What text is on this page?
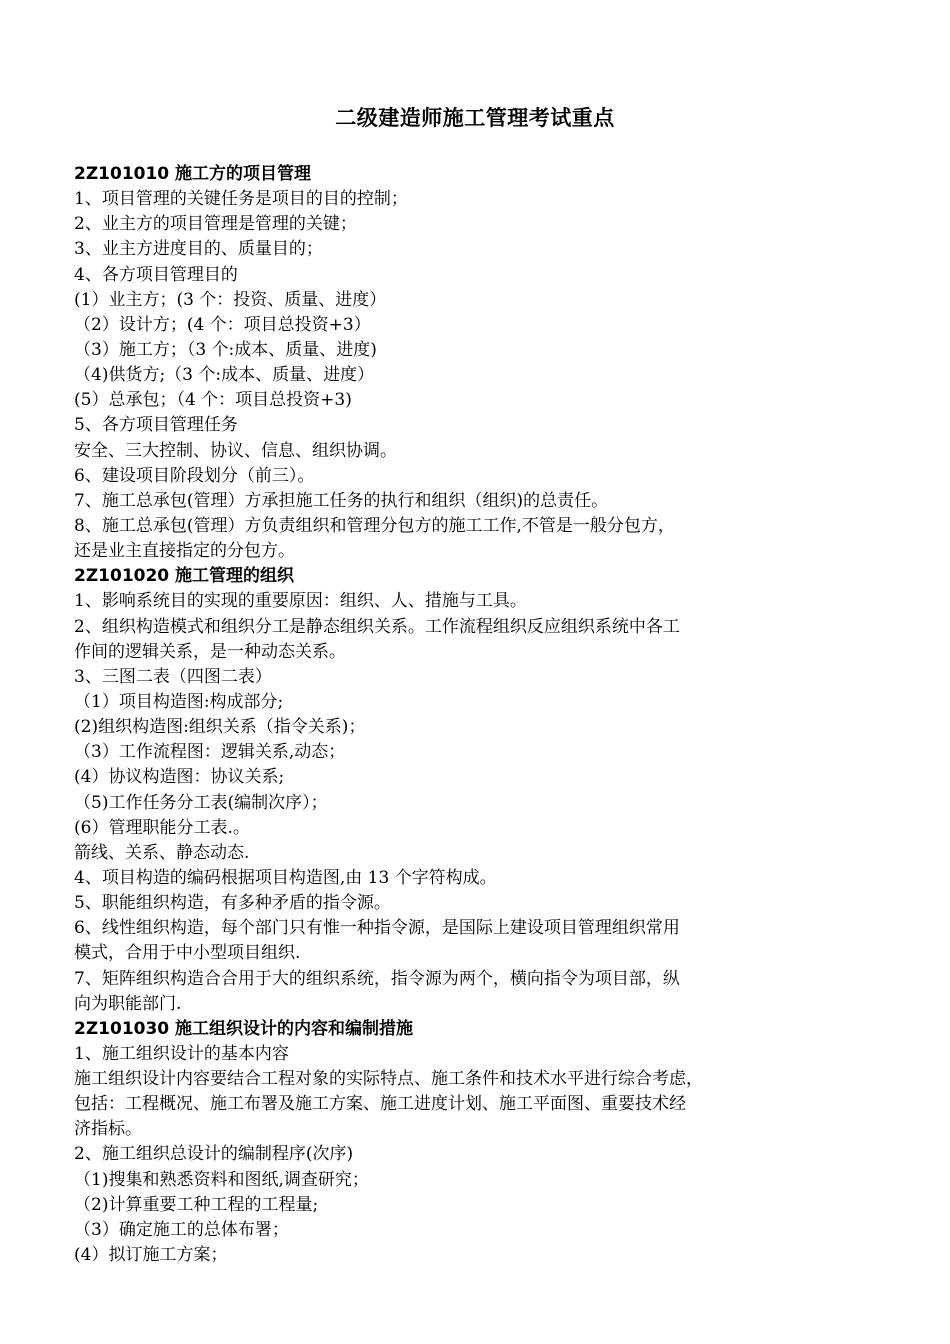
二级建造师施工管理考试重点
2Z101010 施工方的项目管理
1、项目管理的关键任务是项目的目的控制；
2、业主方的项目管理是管理的关键；
3、业主方进度目的、质量目的；
4、各方项目管理目的
(1）业主方；(3 个：投资、质量、进度）
（2）设计方；(4 个：项目总投资+3）
（3）施工方；（3 个:成本、质量、进度)
（4)供货方;（3 个:成本、质量、进度）
(5）总承包；（4 个：项目总投资+3)
5、各方项目管理任务
安全、三大控制、协议、信息、组织协调。
6、建设项目阶段划分（前三）。
7、施工总承包(管理）方承担施工任务的执行和组织（组织)的总责任。
8、施工总承包(管理）方负责组织和管理分包方的施工工作,不管是一般分包方，
还是业主直接指定的分包方。
2Z101020 施工管理的组织
1、影响系统目的实现的重要原因：组织、人、措施与工具。
2、组织构造模式和组织分工是静态组织关系。工作流程组织反应组织系统中各工
作间的逻辑关系，是一种动态关系。
3、三图二表（四图二表）
（1）项目构造图:构成部分;
(2)组织构造图:组织关系（指令关系)；
（3）工作流程图：逻辑关系,动态；
(4）协议构造图：协议关系;
（5)工作任务分工表(编制次序）；
(6）管理职能分工表.。
箭线、关系、静态动态.
4、项目构造的编码根据项目构造图,由 13 个字符构成。
5、职能组织构造，有多种矛盾的指令源。
6、线性组织构造，每个部门只有惟一种指令源，是国际上建设项目管理组织常用
模式，合用于中小型项目组织.
7、矩阵组织构造合合用于大的组织系统，指令源为两个，横向指令为项目部，纵
向为职能部门.
2Z101030 施工组织设计的内容和编制措施
1、施工组织设计的基本内容
施工组织设计内容要结合工程对象的实际特点、施工条件和技术水平进行综合考虑，
包括：工程概况、施工布署及施工方案、施工进度计划、施工平面图、重要技术经
济指标。
2、施工组织总设计的编制程序(次序)
（1)搜集和熟悉资料和图纸,调查研究；
（2)计算重要工种工程的工程量;
（3）确定施工的总体布署；
(4）拟订施工方案；
